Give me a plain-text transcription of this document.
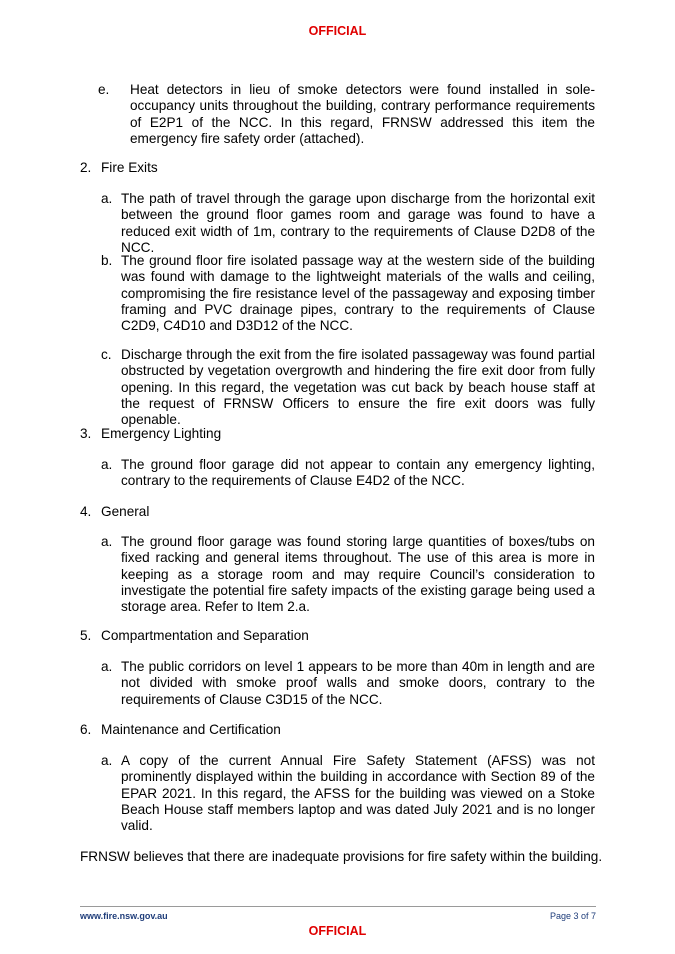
OFFICIAL
e. Heat detectors in lieu of smoke detectors were found installed in sole-occupancy units throughout the building, contrary performance requirements of E2P1 of the NCC. In this regard, FRNSW addressed this item the emergency fire safety order (attached).
2. Fire Exits
a. The path of travel through the garage upon discharge from the horizontal exit between the ground floor games room and garage was found to have a reduced exit width of 1m, contrary to the requirements of Clause D2D8 of the NCC.
b. The ground floor fire isolated passage way at the western side of the building was found with damage to the lightweight materials of the walls and ceiling, compromising the fire resistance level of the passageway and exposing timber framing and PVC drainage pipes, contrary to the requirements of Clause C2D9, C4D10 and D3D12 of the NCC.
c. Discharge through the exit from the fire isolated passageway was found partial obstructed by vegetation overgrowth and hindering the fire exit door from fully opening. In this regard, the vegetation was cut back by beach house staff at the request of FRNSW Officers to ensure the fire exit doors was fully openable.
3. Emergency Lighting
a. The ground floor garage did not appear to contain any emergency lighting, contrary to the requirements of Clause E4D2 of the NCC.
4. General
a. The ground floor garage was found storing large quantities of boxes/tubs on fixed racking and general items throughout. The use of this area is more in keeping as a storage room and may require Council’s consideration to investigate the potential fire safety impacts of the existing garage being used a storage area. Refer to Item 2.a.
5. Compartmentation and Separation
a. The public corridors on level 1 appears to be more than 40m in length and are not divided with smoke proof walls and smoke doors, contrary to the requirements of Clause C3D15 of the NCC.
6. Maintenance and Certification
a. A copy of the current Annual Fire Safety Statement (AFSS) was not prominently displayed within the building in accordance with Section 89 of the EPAR 2021. In this regard, the AFSS for the building was viewed on a Stoke Beach House staff members laptop and was dated July 2021 and is no longer valid.
FRNSW believes that there are inadequate provisions for fire safety within the building.
www.fire.nsw.gov.au	Page 3 of 7
OFFICIAL
